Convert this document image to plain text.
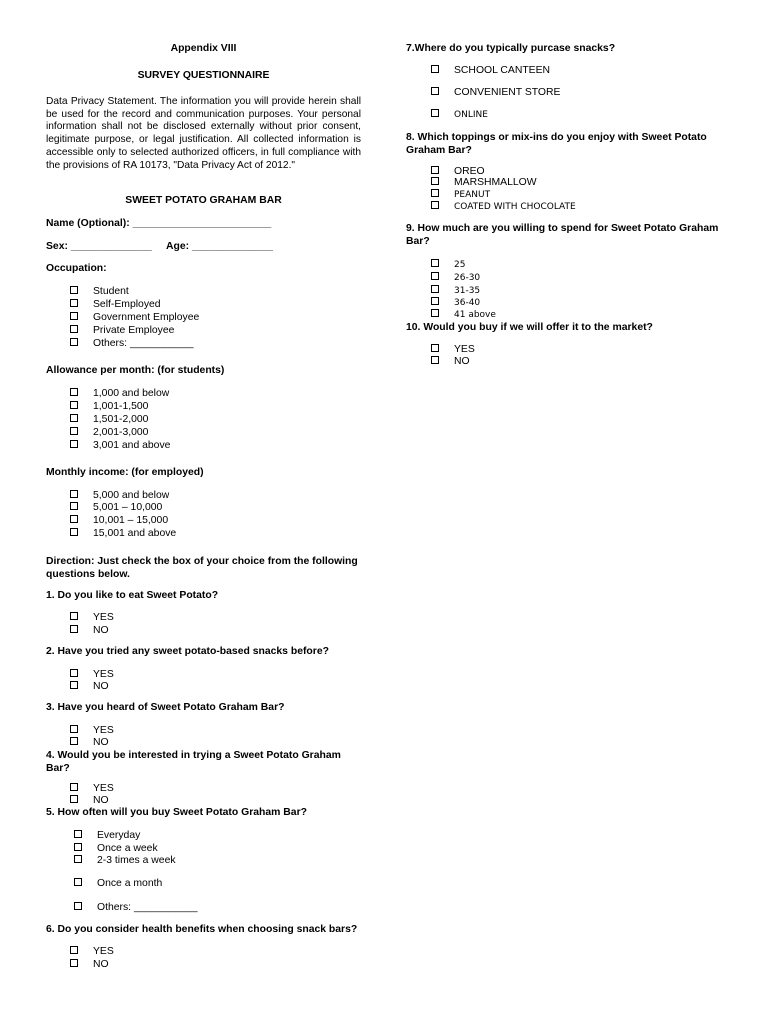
Appendix VIII
SURVEY QUESTIONNAIRE
Data Privacy Statement. The information you will provide herein shall be used for the record and communication purposes. Your personal information shall not be disclosed externally without prior consent, legitimate purpose, or legal justification. All collected information is accessible only to selected authorized officers, in full compliance with the provisions of RA 10173, "Data Privacy Act of 2012."
SWEET POTATO GRAHAM BAR
Name (Optional): ________________________
Sex: ______________ Age: ______________
Occupation:
Student
Self-Employed
Government Employee
Private Employee
Others: ___________
Allowance per month: (for students)
1,000 and below
1,001-1,500
1,501-2,000
2,001-3,000
3,001 and above
Monthly income: (for employed)
5,000 and below
5,001 – 10,000
10,001 – 15,000
15,001 and above
Direction: Just check the box of your choice from the following questions below.
1. Do you like to eat Sweet Potato?
YES
NO
2. Have you tried any sweet potato-based snacks before?
YES
NO
3. Have you heard of Sweet Potato Graham Bar?
YES
NO
4. Would you be interested in trying a Sweet Potato Graham Bar?
YES
NO
5. How often will you buy Sweet Potato Graham Bar?
Everyday
Once a week
2-3 times a week
Once a month
Others: ___________
6. Do you consider health benefits when choosing snack bars?
YES
NO
7.Where do you typically purcase snacks?
SCHOOL CANTEEN
CONVENIENT STORE
ONLINE
8. Which toppings or mix-ins do you enjoy with Sweet Potato Graham Bar?
OREO
MARSHMALLOW
PEANUT
COATED WITH CHOCOLATE
9. How much are you willing to spend for Sweet Potato Graham Bar?
25
26-30
31-35
36-40
41 above
10. Would you buy if we will offer it to the market?
YES
NO
